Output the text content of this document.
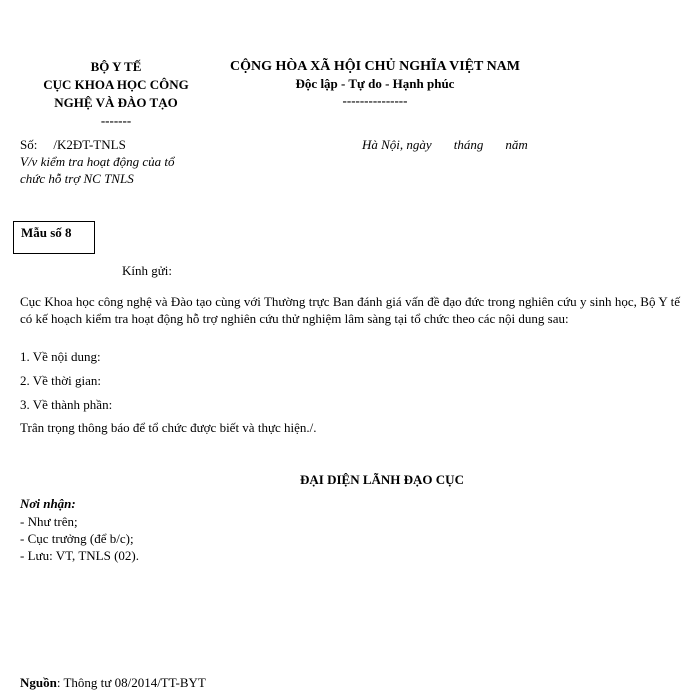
BỘ Y TẾ
CỤC KHOA HỌC CÔNG
NGHỆ VÀ ĐÀO TẠO
-------
CỘNG HÒA XÃ HỘI CHỦ NGHĨA VIỆT NAM
Độc lập - Tự do - Hạnh phúc
---------------
Số: /K2ĐT-TNLS
V/v kiểm tra hoạt động của tổ
chức hỗ trợ NC TNLS
Hà Nội, ngày tháng năm
Mẫu số 8
Kính gửi:
Cục Khoa học công nghệ và Đào tạo cùng với Thường trực Ban đánh giá vấn đề đạo đức trong nghiên cứu y sinh học, Bộ Y tế có kế hoạch kiểm tra hoạt động hỗ trợ nghiên cứu thử nghiệm lâm sàng tại tổ chức theo các nội dung sau:
1. Về nội dung:
2. Về thời gian:
3. Về thành phần:
Trân trọng thông báo để tổ chức được biết và thực hiện./.
ĐẠI DIỆN LÃNH ĐẠO CỤC
Nơi nhận:
- Như trên;
- Cục trưởng (để b/c);
- Lưu: VT, TNLS (02).
Nguồn: Thông tư 08/2014/TT-BYT
